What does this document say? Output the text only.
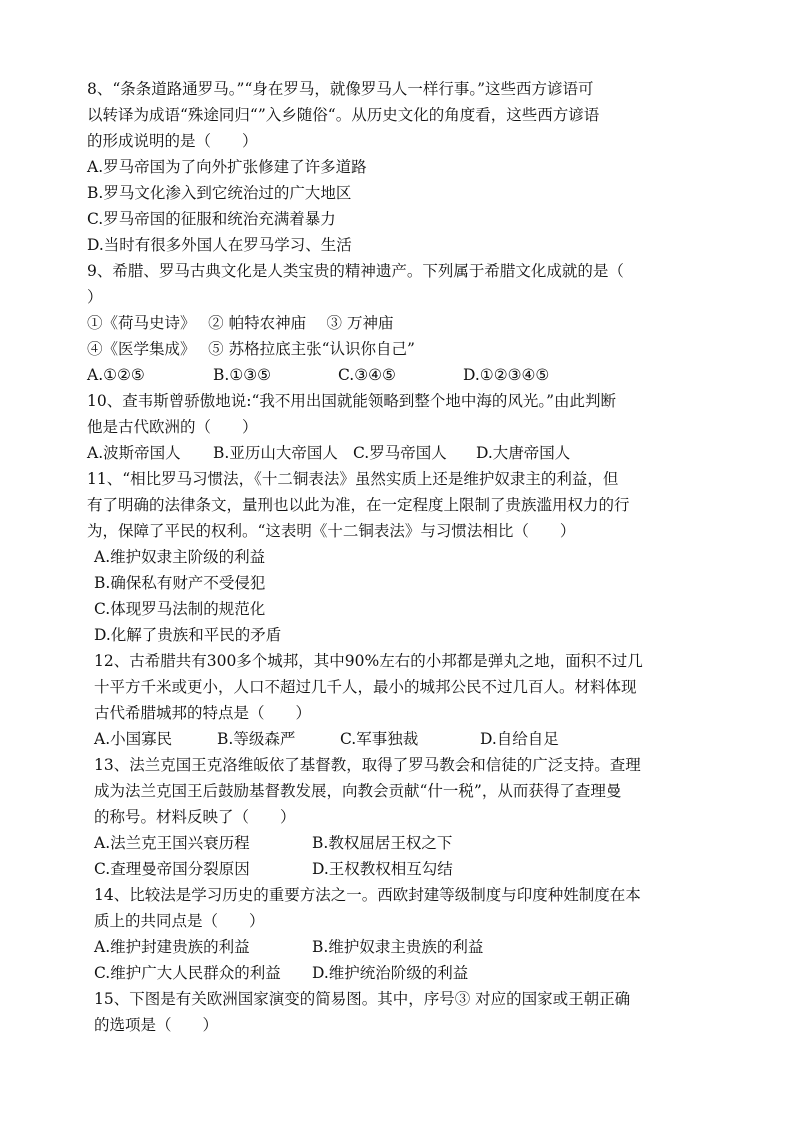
8、“条条道路通罗马。”“身在罗马，就像罗马人一样行事。”这些西方谚语可
以转译为成语“殊途同归“”入乡随俗“。从历史文化的角度看，这些西方谚语
的形成说明的是（　　）
A.罗马帝国为了向外扩张修建了许多道路
B.罗马文化渗入到它统治过的广大地区
C.罗马帝国的征服和统治充满着暴力
D.当时有很多外国人在罗马学习、生活
9、希腊、罗马古典文化是人类宝贵的精神遗产。下列属于希腊文化成就的是（
）
①《荷马史诗》　 ② 帕特农神庙　 ③ 万神庙
④《医学集成》　 ⑤ 苏格拉底主张“认识你自己”
A.①②⑤	B.①③⑤	C.③④⑤	D.①②③④⑤
10、查韦斯曾骄傲地说:“我不用出国就能领略到整个地中海的风光。”由此判断
他是古代欧洲的（　　）
A.波斯帝国人	B.亚历山大帝国人 C.罗马帝国人	D.大唐帝国人
11、“相比罗马习惯法，《十二铜表法》虽然实质上还是维护奴隶主的利益，但
有了明确的法律条文，量刑也以此为准，在一定程度上限制了贵族滥用权力的行
为，保障了平民的权利。“这表明《十二铜表法》与习惯法相比（　　）
A.维护奴隶主阶级的利益
B.确保私有财产不受侵犯
C.体现罗马法制的规范化
D.化解了贵族和平民的矛盾
12、古希腊共有300多个城邦，其中90%左右的小邦都是弹丸之地，面积不过几
十平方千米或更小，人口不超过几千人，最小的城邦公民不过几百人。材料体现
古代希腊城邦的特点是（　　）
A.小国寡民	B.等级森严	C.军事独裁	D.自给自足
13、法兰克国王克洛维皈依了基督教，取得了罗马教会和信徒的广泛支持。查理
成为法兰克国王后鼓励基督教发展，向教会贡献“什一税”，从而获得了查理曼
的称号。材料反映了（　　）
A.法兰克王国兴衰历程	B.教权屈居王权之下
C.查理曼帝国分裂原因	D.王权教权相互勾结
14、比较法是学习历史的重要方法之一。西欧封建等级制度与印度种姓制度在本
质上的共同点是（　　）
A.维护封建贵族的利益	B.维护奴隶主贵族的利益
C.维护广大人民群众的利益	D.维护统治阶级的利益
15、下图是有关欧洲国家演变的简易图。其中，序号③ 对应的国家或王朝正确
的选项是（　　）
